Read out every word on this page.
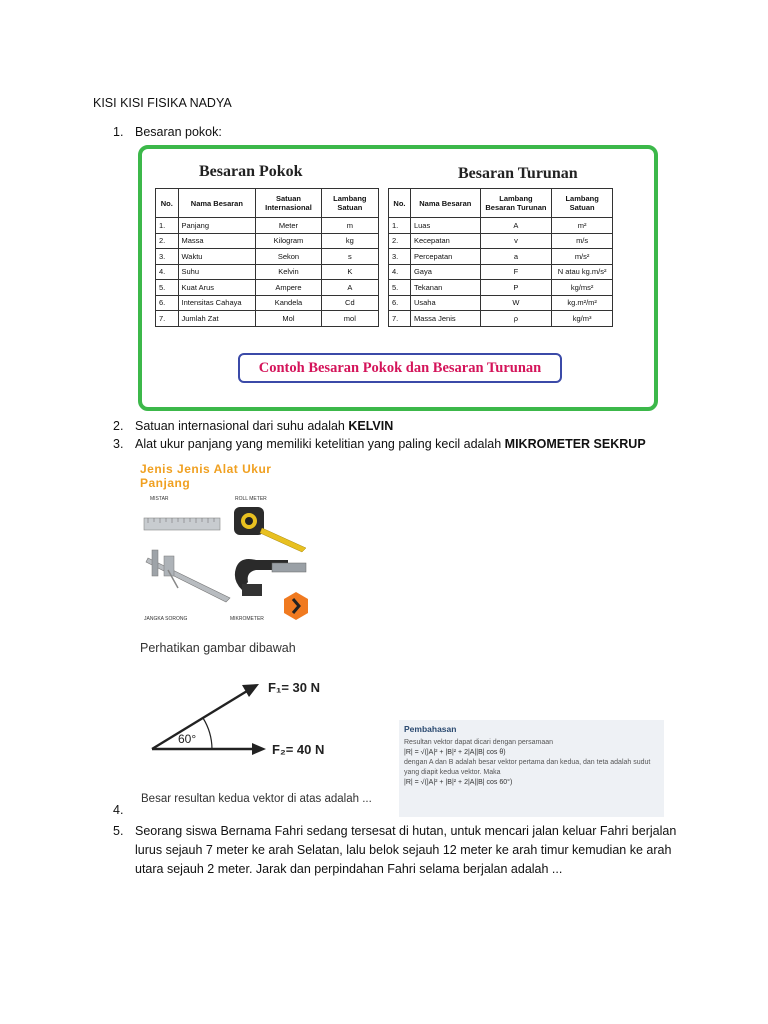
KISI KISI FISIKA NADYA
1. Besaran pokok:
Besaran Pokok	Besaran Turunan
No.	Nama Besaran	Satuan Internasional	Lambang Satuan
1.	Panjang	Meter	m
2.	Massa	Kilogram	kg
3.	Waktu	Sekon	s
4.	Suhu	Kelvin	K
5.	Kuat Arus	Ampere	A
6.	Intensitas Cahaya	Kandela	Cd
7.	Jumlah Zat	Mol	mol
No.	Nama Besaran	Lambang Besaran Turunan	Lambang Satuan
1.	Luas	A	m²
2.	Kecepatan	v	m/s
3.	Percepatan	a	m/s²
4.	Gaya	F	N atau kg.m/s²
5.	Tekanan	P	kg/ms²
6.	Usaha	W	kg.m²/m²
7.	Massa Jenis	ρ	kg/m³
Contoh Besaran Pokok dan Besaran Turunan
2. Satuan internasional dari suhu adalah KELVIN
3. Alat ukur panjang yang memiliki ketelitian yang paling kecil adalah MIKROMETER SEKRUP
Jenis Jenis Alat Ukur Panjang
MISTAR	ROLL METER
JANGKA SORONG	MIKROMETER
Perhatikan gambar dibawah
60°
F₁= 30 N
F₂= 40 N
Besar resultan kedua vektor di atas adalah ...
Pembahasan
Resultan vektor dapat dicari dengan persamaan
|R| = √(|A|² + |B|² + 2|A||B| cos θ)
dengan A dan B adalah besar vektor pertama dan kedua, dan teta adalah sudut yang diapit kedua vektor. Maka
|R| = √(|A|² + |B|² + 2|A||B| cos 60°)
4.
5. Seorang siswa Bernama Fahri sedang tersesat di hutan, untuk mencari jalan keluar Fahri berjalan lurus sejauh 7 meter ke arah Selatan, lalu belok sejauh 12 meter ke arah timur kemudian ke arah utara sejauh 2 meter. Jarak dan perpindahan Fahri selama berjalan adalah ...
